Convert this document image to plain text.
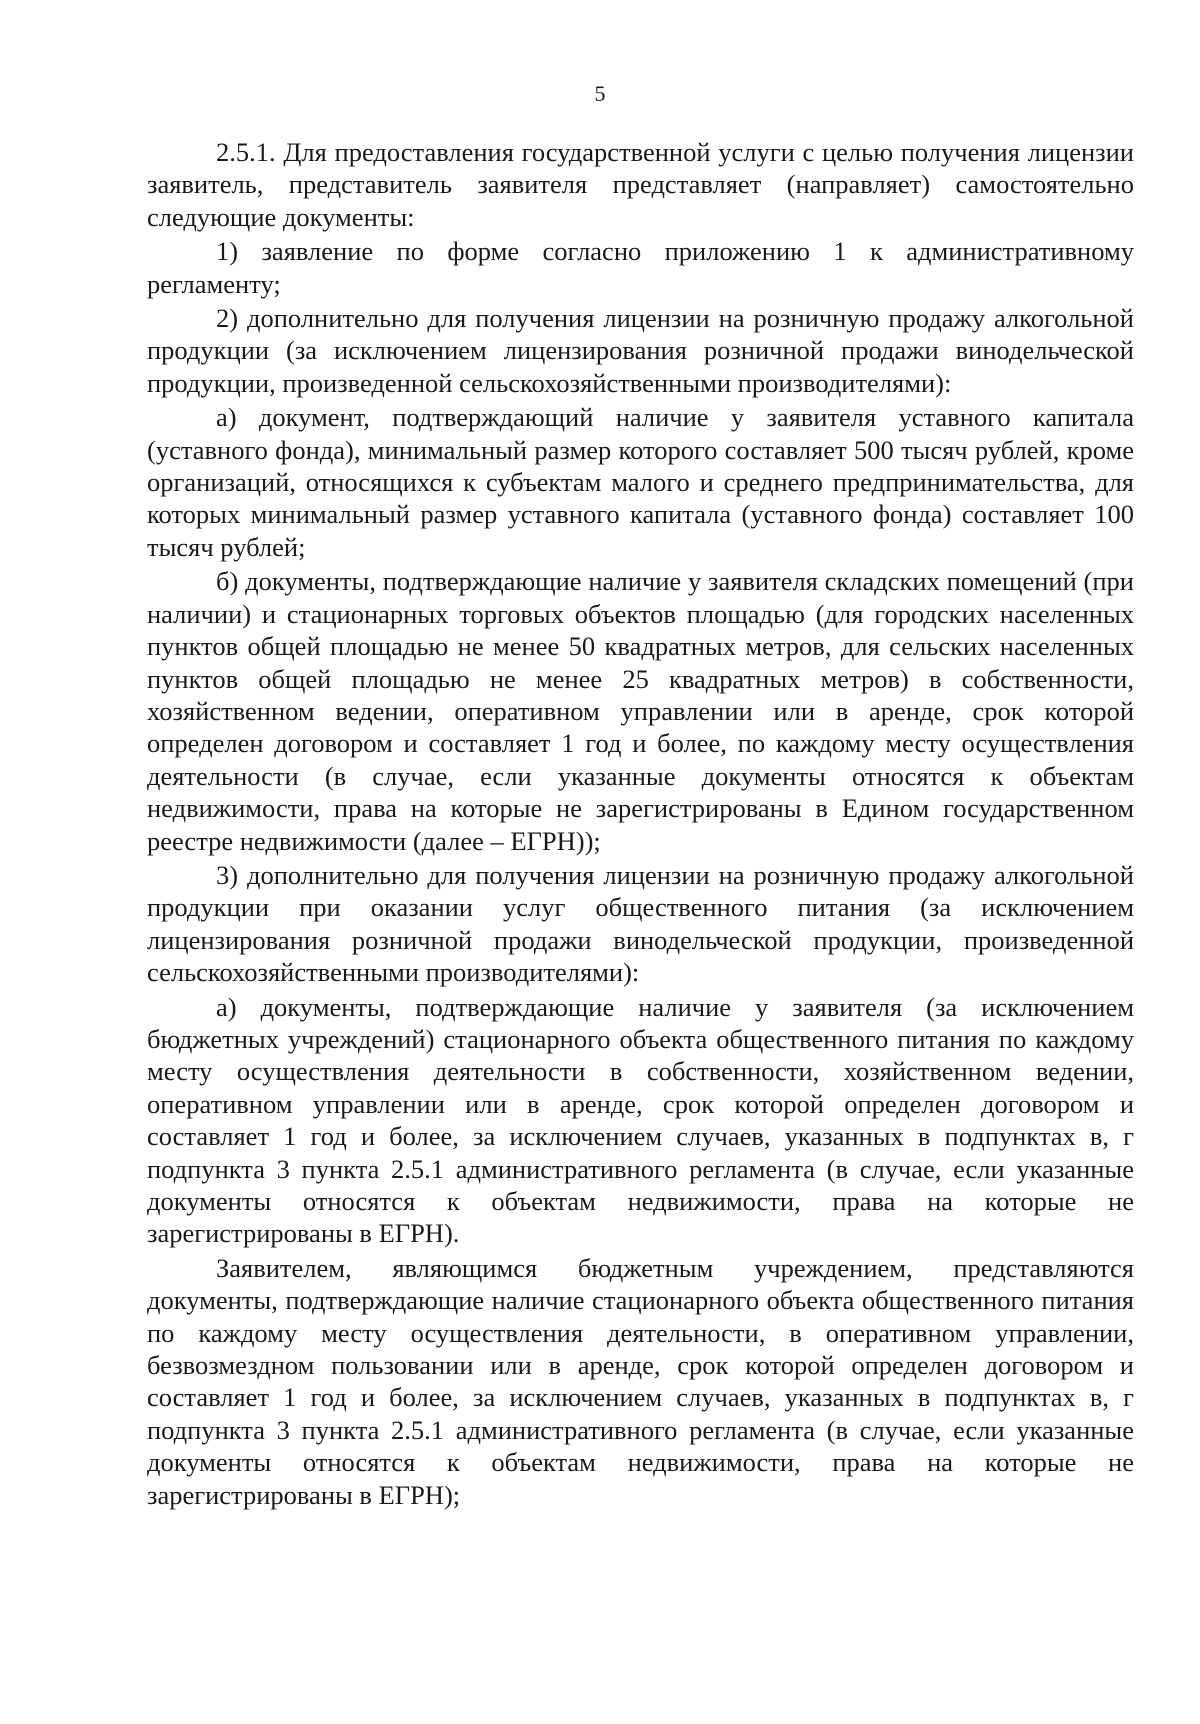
5

2.5.1. Для предоставления государственной услуги с целью получения лицензии заявитель, представитель заявителя представляет (направляет) самостоятельно следующие документы:

1) заявление по форме согласно приложению 1 к административному регламенту;

2) дополнительно для получения лицензии на розничную продажу алкогольной продукции (за исключением лицензирования розничной продажи винодельческой продукции, произведенной сельскохозяйственными производителями):

а) документ, подтверждающий наличие у заявителя уставного капитала (уставного фонда), минимальный размер которого составляет 500 тысяч рублей, кроме организаций, относящихся к субъектам малого и среднего предпринимательства, для которых минимальный размер уставного капитала (уставного фонда) составляет 100 тысяч рублей;

б) документы, подтверждающие наличие у заявителя складских помещений (при наличии) и стационарных торговых объектов площадью (для городских населенных пунктов общей площадью не менее 50 квадратных метров, для сельских населенных пунктов общей площадью не менее 25 квадратных метров) в собственности, хозяйственном ведении, оперативном управлении или в аренде, срок которой определен договором и составляет 1 год и более, по каждому месту осуществления деятельности (в случае, если указанные документы относятся к объектам недвижимости, права на которые не зарегистрированы в Едином государственном реестре недвижимости (далее – ЕГРН));

3) дополнительно для получения лицензии на розничную продажу алкогольной продукции при оказании услуг общественного питания (за исключением лицензирования розничной продажи винодельческой продукции, произведенной сельскохозяйственными производителями):

а) документы, подтверждающие наличие у заявителя (за исключением бюджетных учреждений) стационарного объекта общественного питания по каждому месту осуществления деятельности в собственности, хозяйственном ведении, оперативном управлении или в аренде, срок которой определен договором и составляет 1 год и более, за исключением случаев, указанных в подпунктах в, г подпункта 3 пункта 2.5.1 административного регламента (в случае, если указанные документы относятся к объектам недвижимости, права на которые не зарегистрированы в ЕГРН).

Заявителем, являющимся бюджетным учреждением, представляются документы, подтверждающие наличие стационарного объекта общественного питания по каждому месту осуществления деятельности, в оперативном управлении, безвозмездном пользовании или в аренде, срок которой определен договором и составляет 1 год и более, за исключением случаев, указанных в подпунктах в, г подпункта 3 пункта 2.5.1 административного регламента (в случае, если указанные документы относятся к объектам недвижимости, права на которые не зарегистрированы в ЕГРН);
